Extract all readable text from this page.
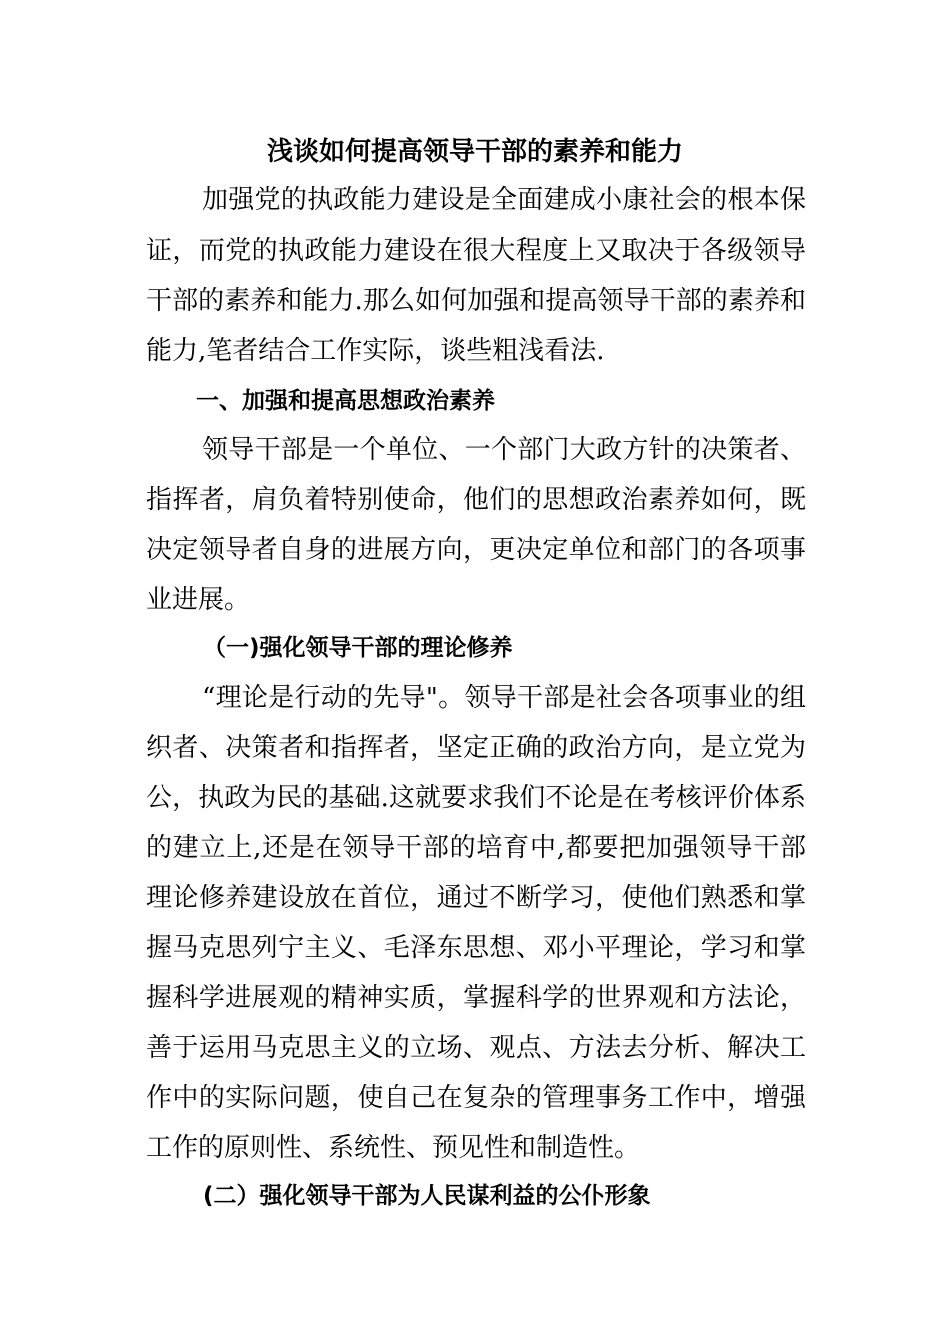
浅谈如何提高领导干部的素养和能力
加强党的执政能力建设是全面建成小康社会的根本保
证，而党的执政能力建设在很大程度上又取决于各级领导
干部的素养和能力.那么如何加强和提高领导干部的素养和
能力,笔者结合工作实际，谈些粗浅看法.
一、加强和提高思想政治素养
领导干部是一个单位、一个部门大政方针的决策者、
指挥者，肩负着特别使命，他们的思想政治素养如何，既
决定领导者自身的进展方向，更决定单位和部门的各项事
业进展。
（一)强化领导干部的理论修养
“理论是行动的先导"。领导干部是社会各项事业的组
织者、决策者和指挥者，坚定正确的政治方向，是立党为
公，执政为民的基础.这就要求我们不论是在考核评价体系
的建立上,还是在领导干部的培育中,都要把加强领导干部
理论修养建设放在首位，通过不断学习，使他们熟悉和掌
握马克思列宁主义、毛泽东思想、邓小平理论，学习和掌
握科学进展观的精神实质，掌握科学的世界观和方法论，
善于运用马克思主义的立场、观点、方法去分析、解决工
作中的实际问题，使自己在复杂的管理事务工作中，增强
工作的原则性、系统性、预见性和制造性。
(二）强化领导干部为人民谋利益的公仆形象
